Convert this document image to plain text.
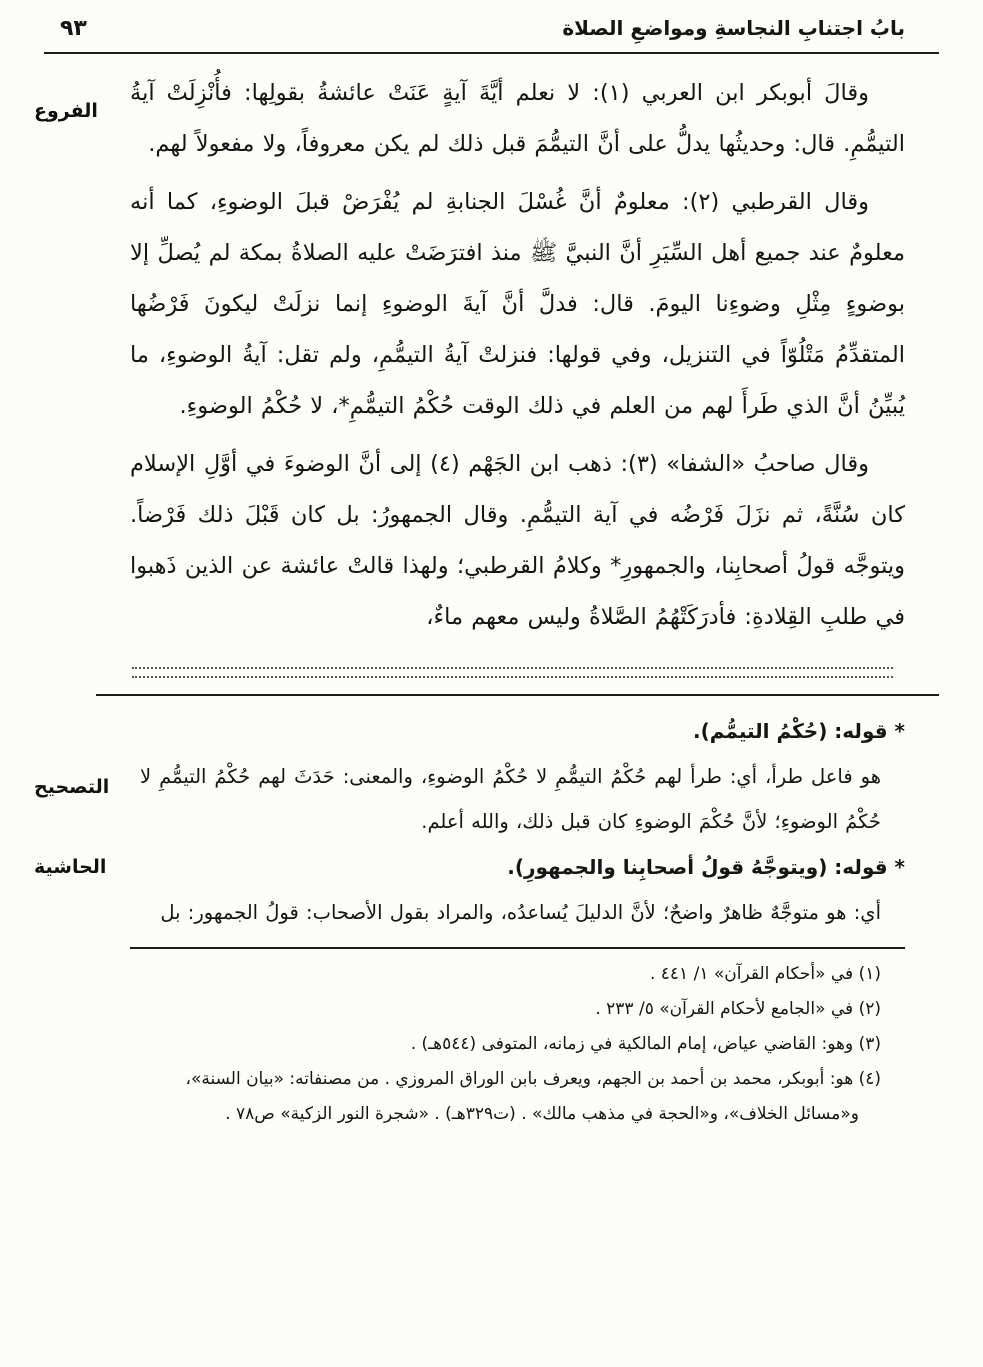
بابُ اجتنابِ النجاسةِ ومواضعِ الصلاة
٩٣
الفروع
التصحيح
الحاشية

وقالَ أبوبكر ابن العربي (١): لا نعلم أيَّةَ آيةٍ عَنَتْ عائشةُ بقولِها: فأُنْزِلَتْ آيةُ التيمُّمِ. قال: وحديثُها يدلُّ على أنَّ التيمُّمَ قبل ذلك لم يكن معروفاً، ولا مفعولاً لهم.

وقال القرطبي (٢): معلومٌ أنَّ غُسْلَ الجنابةِ لم يُفْرَضْ قبلَ الوضوءِ، كما أنه معلومٌ عند جميع أهل السِّيَرِ أنَّ النبيَّ ﷺ منذ افترَضَتْ عليه الصلاةُ بمكة لم يُصلِّ إلا بوضوءٍ مِثْلِ وضوءِنا اليومَ. قال: فدلَّ أنَّ آيةَ الوضوءِ إنما نزلَتْ ليكونَ فَرْضُها المتقدِّمُ مَتْلُوّاً في التنزيل، وفي قولها: فنزلتْ آيةُ التيمُّمِ، ولم تقل: آيةُ الوضوءِ، ما يُبيِّنُ أنَّ الذي طَرأَ لهم من العلم في ذلك الوقت حُكْمُ التيمُّمِ*، لا حُكْمُ الوضوءِ.

وقال صاحبُ «الشفا» (٣): ذهب ابن الجَهْم (٤) إلى أنَّ الوضوءَ في أوَّلِ الإسلام كان سُنَّةً، ثم نزَلَ فَرْضُه في آية التيمُّمِ. وقال الجمهورُ: بل كان قَبْلَ ذلك فَرْضاً. ويتوجَّه قولُ أصحابِنا، والجمهورِ* وكلامُ القرطبي؛ ولهذا قالتْ عائشة عن الذين ذَهبوا في طلبِ القِلادةِ: فأدرَكَتْهُمُ الصَّلاةُ وليس معهم ماءٌ،

* قوله: (حُكْمُ التيمُّم).
هو فاعل طرأ، أي: طرأ لهم حُكْمُ التيمُّمِ لا حُكْمُ الوضوءِ، والمعنى: حَدَثَ لهم حُكْمُ التيمُّمِ لا حُكْمُ الوضوءِ؛ لأنَّ حُكْمَ الوضوءِ كان قبل ذلك، والله أعلم.
* قوله: (ويتوجَّهُ قولُ أصحابِنا والجمهورِ).
أي: هو متوجَّهٌ ظاهرٌ واضحٌ؛ لأنَّ الدليلَ يُساعدُه، والمراد بقول الأصحاب: قولُ الجمهور: بل
(١) في «أحكام القرآن» ١/ ٤٤١ .
(٢) في «الجامع لأحكام القرآن» ٥/ ٢٣٣ .
(٣) وهو: القاضي عياض، إمام المالكية في زمانه، المتوفى (٥٤٤هـ) .
(٤) هو: أبوبكر، محمد بن أحمد بن الجهم، ويعرف بابن الوراق المروزي . من مصنفاته: «بيان السنة»، و«مسائل الخلاف»، و«الحجة في مذهب مالك» . (ت٣٢٩هـ) . «شجرة النور الزكية» ص٧٨ .
